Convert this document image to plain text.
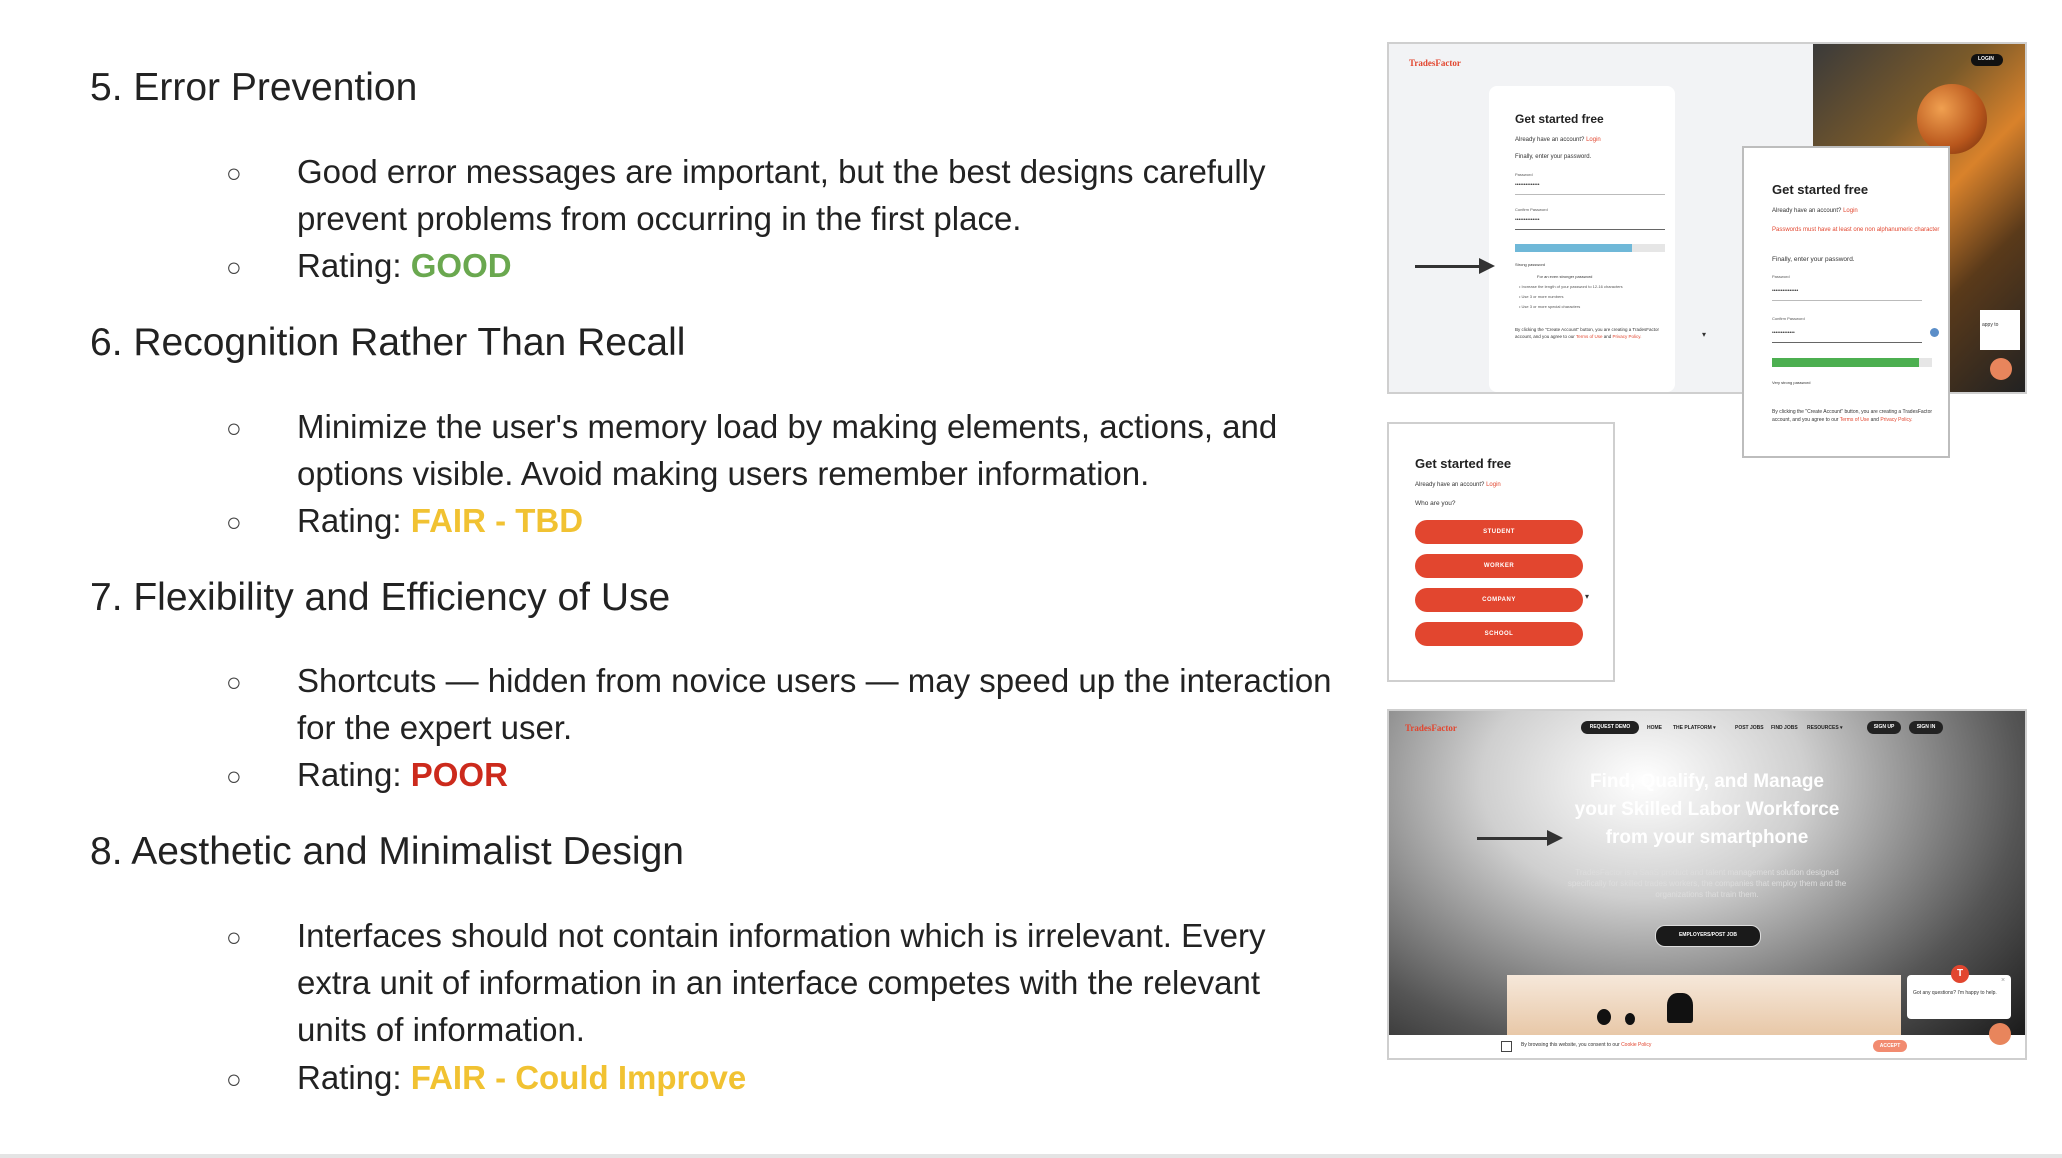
5. Error Prevention
○ Good error messages are important, but the best designs carefully prevent problems from occurring in the first place.
○ Rating: GOOD
6. Recognition Rather Than Recall
○ Minimize the user's memory load by making elements, actions, and options visible. Avoid making users remember information.
○ Rating: FAIR - TBD
7. Flexibility and Efficiency of Use
○ Shortcuts — hidden from novice users — may speed up the interaction for the expert user.
○ Rating: POOR
8. Aesthetic and Minimalist Design
○ Interfaces should not contain information which is irrelevant. Every extra unit of information in an interface competes with the relevant units of information.
○ Rating: FAIR - Could Improve
TradesFactor	LOGIN
Get started free
Already have an account? Login
Finally, enter your password.
Password
••••••••••••••
Confirm Password
••••••••••••••
Strong password
For an even stronger password
• Increase the length of your password to 12-16 characters
• Use 3 or more numbers
• Use 3 or more special characters
By clicking the "Create Account" button, you are creating a TradesFactor account, and you agree to our Terms of Use and Privacy Policy.	▾
Get started free
Already have an account? Login
Passwords must have at least one non alphanumeric character
Finally, enter your password.
Password
•••••••••••••••
Confirm Password
•••••••••••••
Very strong password
By clicking the "Create Account" button, you are creating a TradesFactor account, and you agree to our Terms of Use and Privacy Policy.
appy to
Get started free
Already have an account? Login
Who are you?
STUDENT
WORKER
COMPANY
SCHOOL
▾
TradesFactor	REQUEST DEMO	HOME THE PLATFORM ▾	POST JOBS FIND JOBS RESOURCES ▾	SIGN UP	SIGN IN
Find, Qualify, and Manage
your Skilled Labor Workforce
from your smartphone
TradesFactor is a SaaS product and talent management solution designed specifically for skilled trades workers, the companies that employ them and the organizations that train them.
EMPLOYERS/POST JOB
Got any questions? I'm happy to help.
×
T
By browsing this website, you consent to our Cookie Policy	ACCEPT
